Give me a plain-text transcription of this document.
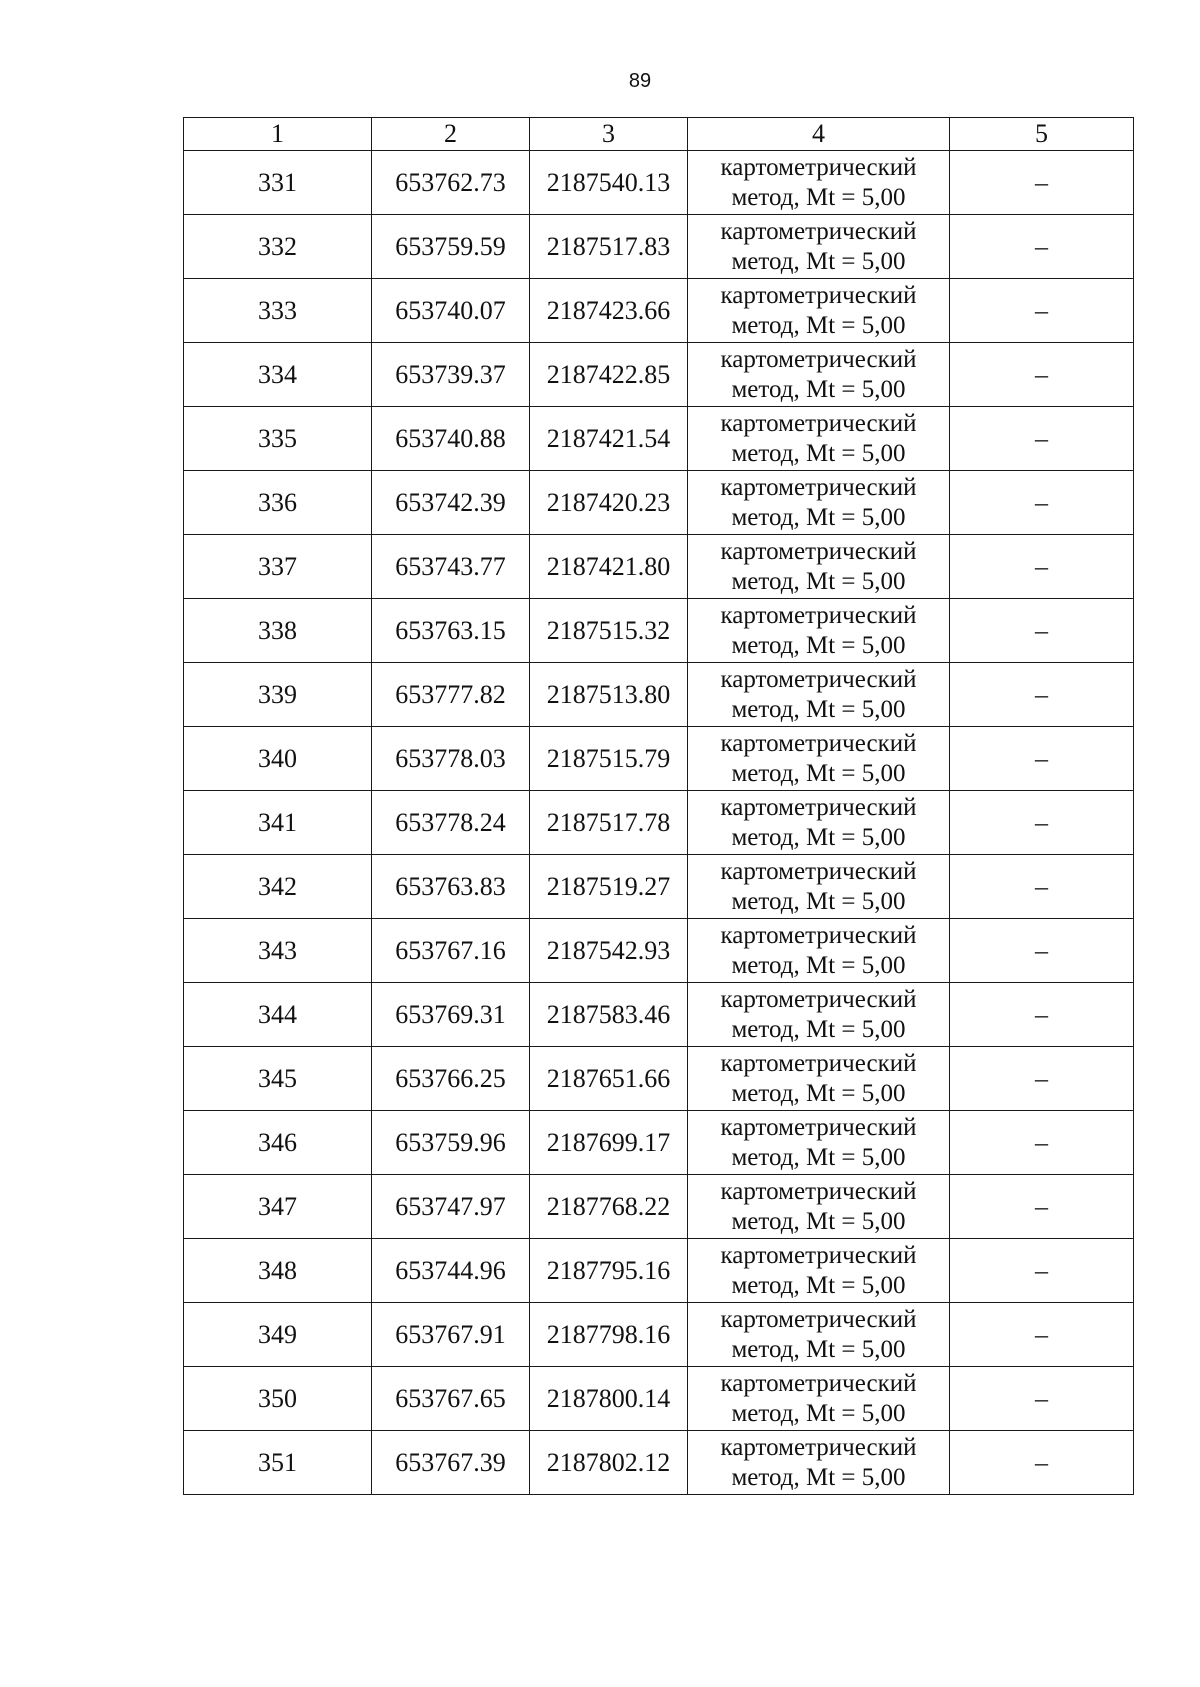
89
1	2	3	4	5
331	653762.73	2187540.13	картометрический
метод, Mt = 5,00	–
332	653759.59	2187517.83	картометрический
метод, Mt = 5,00	–
333	653740.07	2187423.66	картометрический
метод, Mt = 5,00	–
334	653739.37	2187422.85	картометрический
метод, Mt = 5,00	–
335	653740.88	2187421.54	картометрический
метод, Mt = 5,00	–
336	653742.39	2187420.23	картометрический
метод, Mt = 5,00	–
337	653743.77	2187421.80	картометрический
метод, Mt = 5,00	–
338	653763.15	2187515.32	картометрический
метод, Mt = 5,00	–
339	653777.82	2187513.80	картометрический
метод, Mt = 5,00	–
340	653778.03	2187515.79	картометрический
метод, Mt = 5,00	–
341	653778.24	2187517.78	картометрический
метод, Mt = 5,00	–
342	653763.83	2187519.27	картометрический
метод, Mt = 5,00	–
343	653767.16	2187542.93	картометрический
метод, Mt = 5,00	–
344	653769.31	2187583.46	картометрический
метод, Mt = 5,00	–
345	653766.25	2187651.66	картометрический
метод, Mt = 5,00	–
346	653759.96	2187699.17	картометрический
метод, Mt = 5,00	–
347	653747.97	2187768.22	картометрический
метод, Mt = 5,00	–
348	653744.96	2187795.16	картометрический
метод, Mt = 5,00	–
349	653767.91	2187798.16	картометрический
метод, Mt = 5,00	–
350	653767.65	2187800.14	картометрический
метод, Mt = 5,00	–
351	653767.39	2187802.12	картометрический
метод, Mt = 5,00	–
